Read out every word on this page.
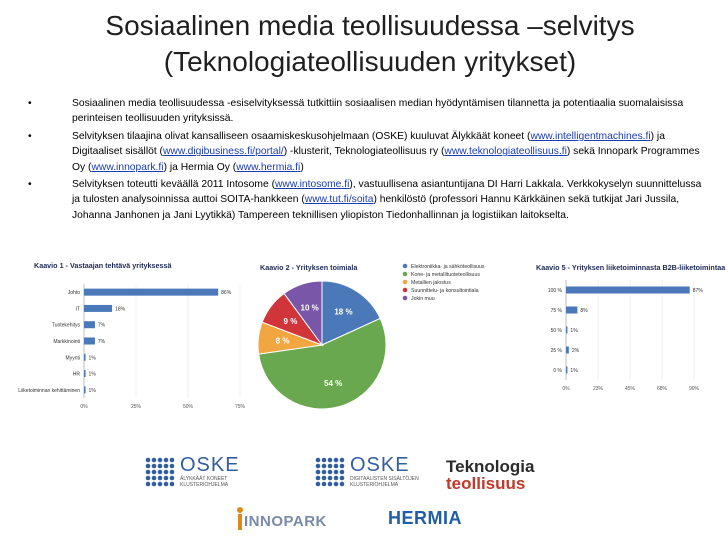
Sosiaalinen media teollisuudessa –selvitys
(Teknologiateollisuuden yritykset)
•	Sosiaalinen media teollisuudessa -esiselvityksessä tutkittiin sosiaalisen median hyödyntämisen tilannetta ja potentiaalia suomalaisissa perinteisen teollisuuden yrityksissä.
•	Selvityksen tilaajina olivat kansalliseen osaamiskeskusohjelmaan (OSKE) kuuluvat Älykkäät koneet (www.intelligentmachines.fi) ja Digitaaliset sisällöt (www.digibusiness.fi/portal/) -klusterit, Teknologiateollisuus ry (www.teknologiateollisuus.fi) sekä Innopark Programmes Oy (www.innopark.fi) ja Hermia Oy (www.hermia.fi)
•	Selvityksen toteutti keväällä 2011 Intosome (www.intosome.fi), vastuullisena asiantuntijana DI Harri Lakkala. Verkkokyselyn suunnittelussa ja tulosten analysoinnissa auttoi SOITA-hankkeen (www.tut.fi/soita) henkilöstö (professori Hannu Kärkkäinen sekä tutkijat Jari Jussila, Johanna Janhonen ja Jani Lyytikkä) Tampereen teknillisen yliopiston Tiedonhallinnan ja logistiikan laitokselta.
Kaavio 1 - Vastaajan tehtävä yrityksessä
0%	25%	50%	75%
Johto	86%
IT	18%
Tuotekehitys	7%
Markkinointi	7%
Myynti 1%
HR 1%
Liiketoiminnan kehittäminen 1%
Kaavio 2 - Yrityksen toimiala
18 %
54 %
8 %
9 %
10 %
Elektroniikka- ja sähköteollisuus
Kone- ja metallituoteteollisuus
Metallien jalostus
Suunnittelu- ja konsultointiala
Jokin muu
Kaavio 5 - Yrityksen liiketoiminnasta B2B-liiketoimintaa
0%	23%	45%	68%	90%
100 %	87%
75 %	8%
50 % 1%
25 % 2%
0 % 1%
OSKE
ÄLYKKÄÄT KONEET
KLUSTERIOHJELMA
OSKE
DIGITAALISTEN SISÄLTÖJEN
KLUSTERIOHJELMA
Teknologia
teollisuus
INNOPARK	HERMIA
